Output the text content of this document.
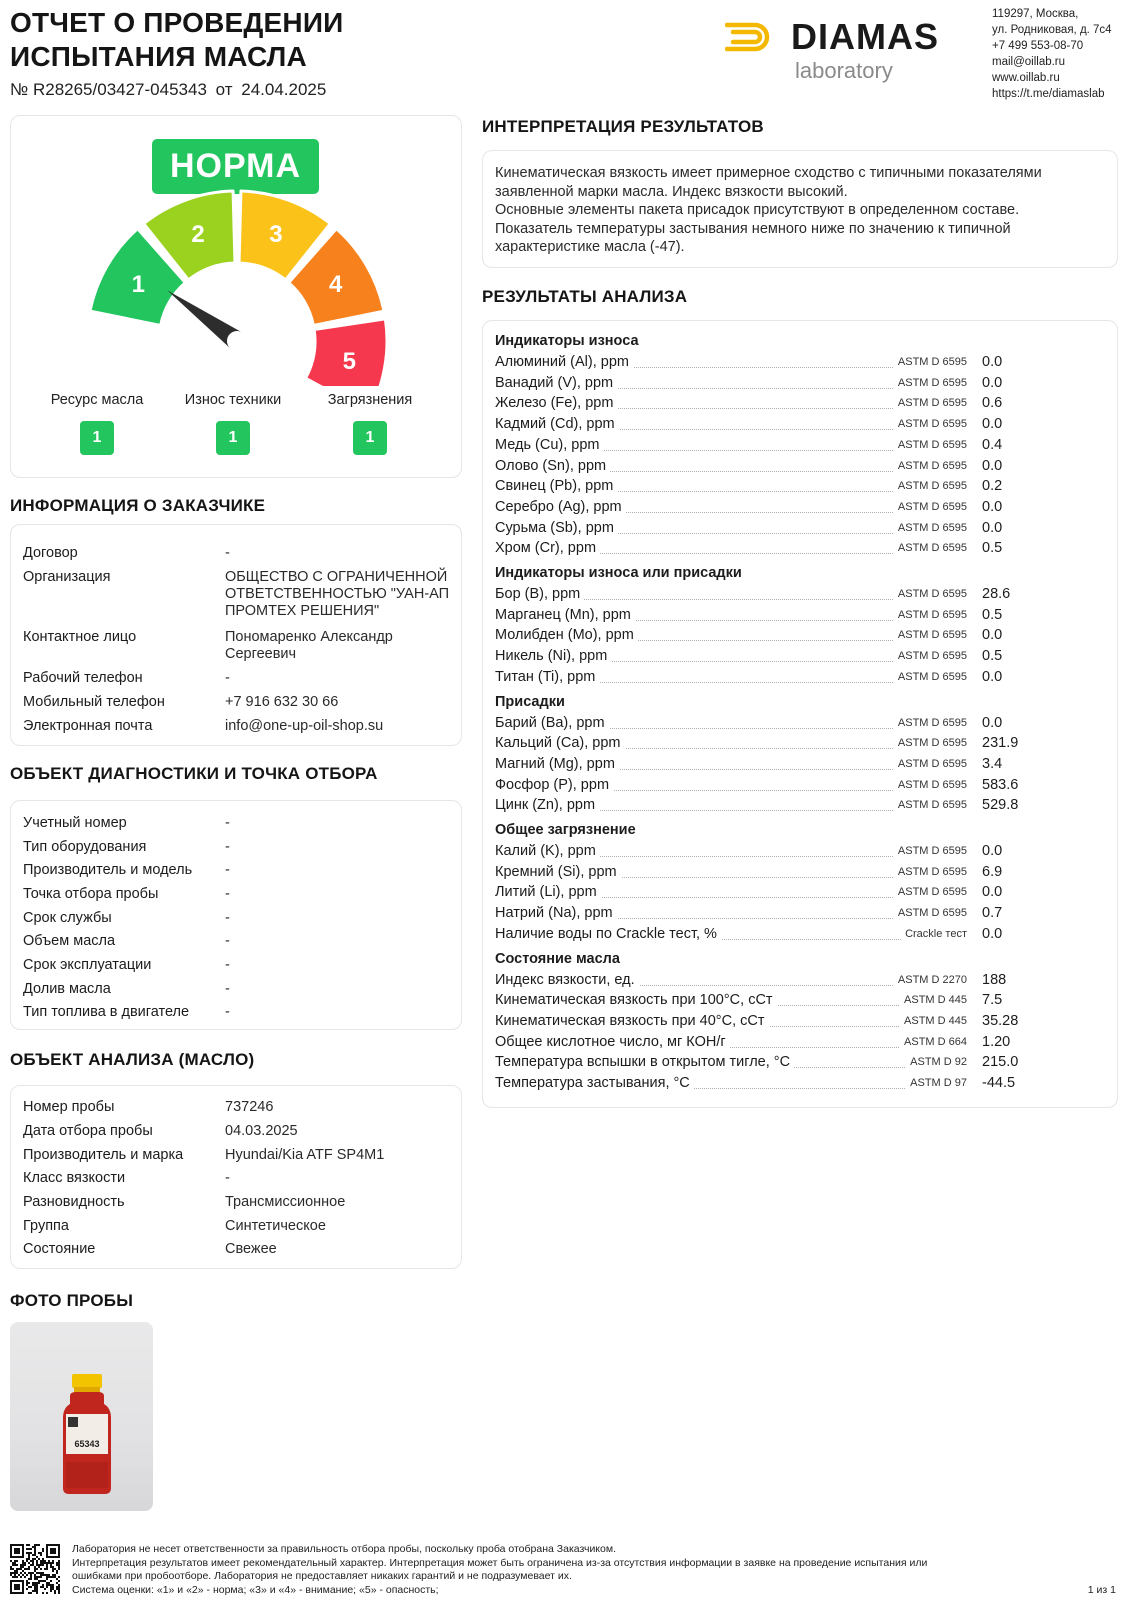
ОТЧЕТ О ПРОВЕДЕНИИ
ИСПЫТАНИЯ МАСЛА
№ R28265/03427-045343 от 24.04.2025
DIAMAS
laboratory
119297, Москва,
ул. Родниковая, д. 7с4
+7 499 553-08-70
mail@oillab.ru
www.oillab.ru
https://t.me/diamaslab
НОРМА
1
2	3
4
5
Ресурс масла	Износ техники	Загрязнения
1	1	1
ИНФОРМАЦИЯ О ЗАКАЗЧИКЕ
Договор	-
Организация	ОБЩЕСТВО С ОГРАНИЧЕННОЙ ОТВЕТСТВЕННОСТЬЮ "УАН-АП ПРОМТЕХ РЕШЕНИЯ"
Контактное лицо	Пономаренко Александр Сергеевич
Рабочий телефон	-
Мобильный телефон	+7 916 632 30 66
Электронная почта	info@one-up-oil-shop.su
ОБЪЕКТ ДИАГНОСТИКИ И ТОЧКА ОТБОРА
Учетный номер	-
Тип оборудования	-
Производитель и модель	-
Точка отбора пробы	-
Срок службы	-
Объем масла	-
Срок эксплуатации	-
Долив масла	-
Тип топлива в двигателе	-
ОБЪЕКТ АНАЛИЗА (МАСЛО)
Номер пробы	737246
Дата отбора пробы	04.03.2025
Производитель и марка	Hyundai/Kia ATF SP4M1
Класс вязкости	-
Разновидность	Трансмиссионное
Группа	Синтетическое
Состояние	Свежее
ФОТО ПРОБЫ
65343
ИНТЕРПРЕТАЦИЯ РЕЗУЛЬТАТОВ
Кинематическая вязкость имеет примерное сходство с типичными показателями
заявленной марки масла. Индекс вязкости высокий.
Основные элементы пакета присадок присутствуют в определенном составе.
Показатель температуры застывания немного ниже по значению к типичной
характеристике масла (-47).
РЕЗУЛЬТАТЫ АНАЛИЗА
Индикаторы износа
Алюминий (Al), ppm	ASTM D 6595 0.0
Ванадий (V), ppm	ASTM D 6595 0.0
Железо (Fe), ppm	ASTM D 6595 0.6
Кадмий (Cd), ppm	ASTM D 6595 0.0
Медь (Cu), ppm	ASTM D 6595 0.4
Олово (Sn), ppm	ASTM D 6595 0.0
Свинец (Pb), ppm	ASTM D 6595 0.2
Серебро (Ag), ppm	ASTM D 6595 0.0
Сурьма (Sb), ppm	ASTM D 6595 0.0
Хром (Cr), ppm	ASTM D 6595 0.5
Индикаторы износа или присадки
Бор (B), ppm	ASTM D 6595 28.6
Марганец (Mn), ppm	ASTM D 6595 0.5
Молибден (Mo), ppm	ASTM D 6595 0.0
Никель (Ni), ppm	ASTM D 6595 0.5
Титан (Ti), ppm	ASTM D 6595 0.0
Присадки
Барий (Ba), ppm	ASTM D 6595 0.0
Кальций (Ca), ppm	ASTM D 6595 231.9
Магний (Mg), ppm	ASTM D 6595 3.4
Фосфор (P), ppm	ASTM D 6595 583.6
Цинк (Zn), ppm	ASTM D 6595 529.8
Общее загрязнение
Калий (K), ppm	ASTM D 6595 0.0
Кремний (Si), ppm	ASTM D 6595 6.9
Литий (Li), ppm	ASTM D 6595 0.0
Натрий (Na), ppm	ASTM D 6595 0.7
Наличие воды по Crackle тест, %	Crackle тест 0.0
Состояние масла
Индекс вязкости, ед.	ASTM D 2270 188
Кинематическая вязкость при 100°С, сСт	ASTM D 445 7.5
Кинематическая вязкость при 40°С, сСт	ASTM D 445 35.28
Общее кислотное число, мг КОН/г	ASTM D 664 1.20
Температура вспышки в открытом тигле, °С	ASTM D 92 215.0
Температура застывания, °С	ASTM D 97 -44.5
Лаборатория не несет ответственности за правильность отбора пробы, поскольку проба отобрана Заказчиком.
Интерпретация результатов имеет рекомендательный характер. Интерпретация может быть ограничена из-за отсутствия информации в заявке на проведение испытания или
ошибками при пробоотборе. Лаборатория не предоставляет никаких гарантий и не подразумевает их.
Система оценки: «1» и «2» - норма; «3» и «4» - внимание; «5» - опасность;	1 из 1
